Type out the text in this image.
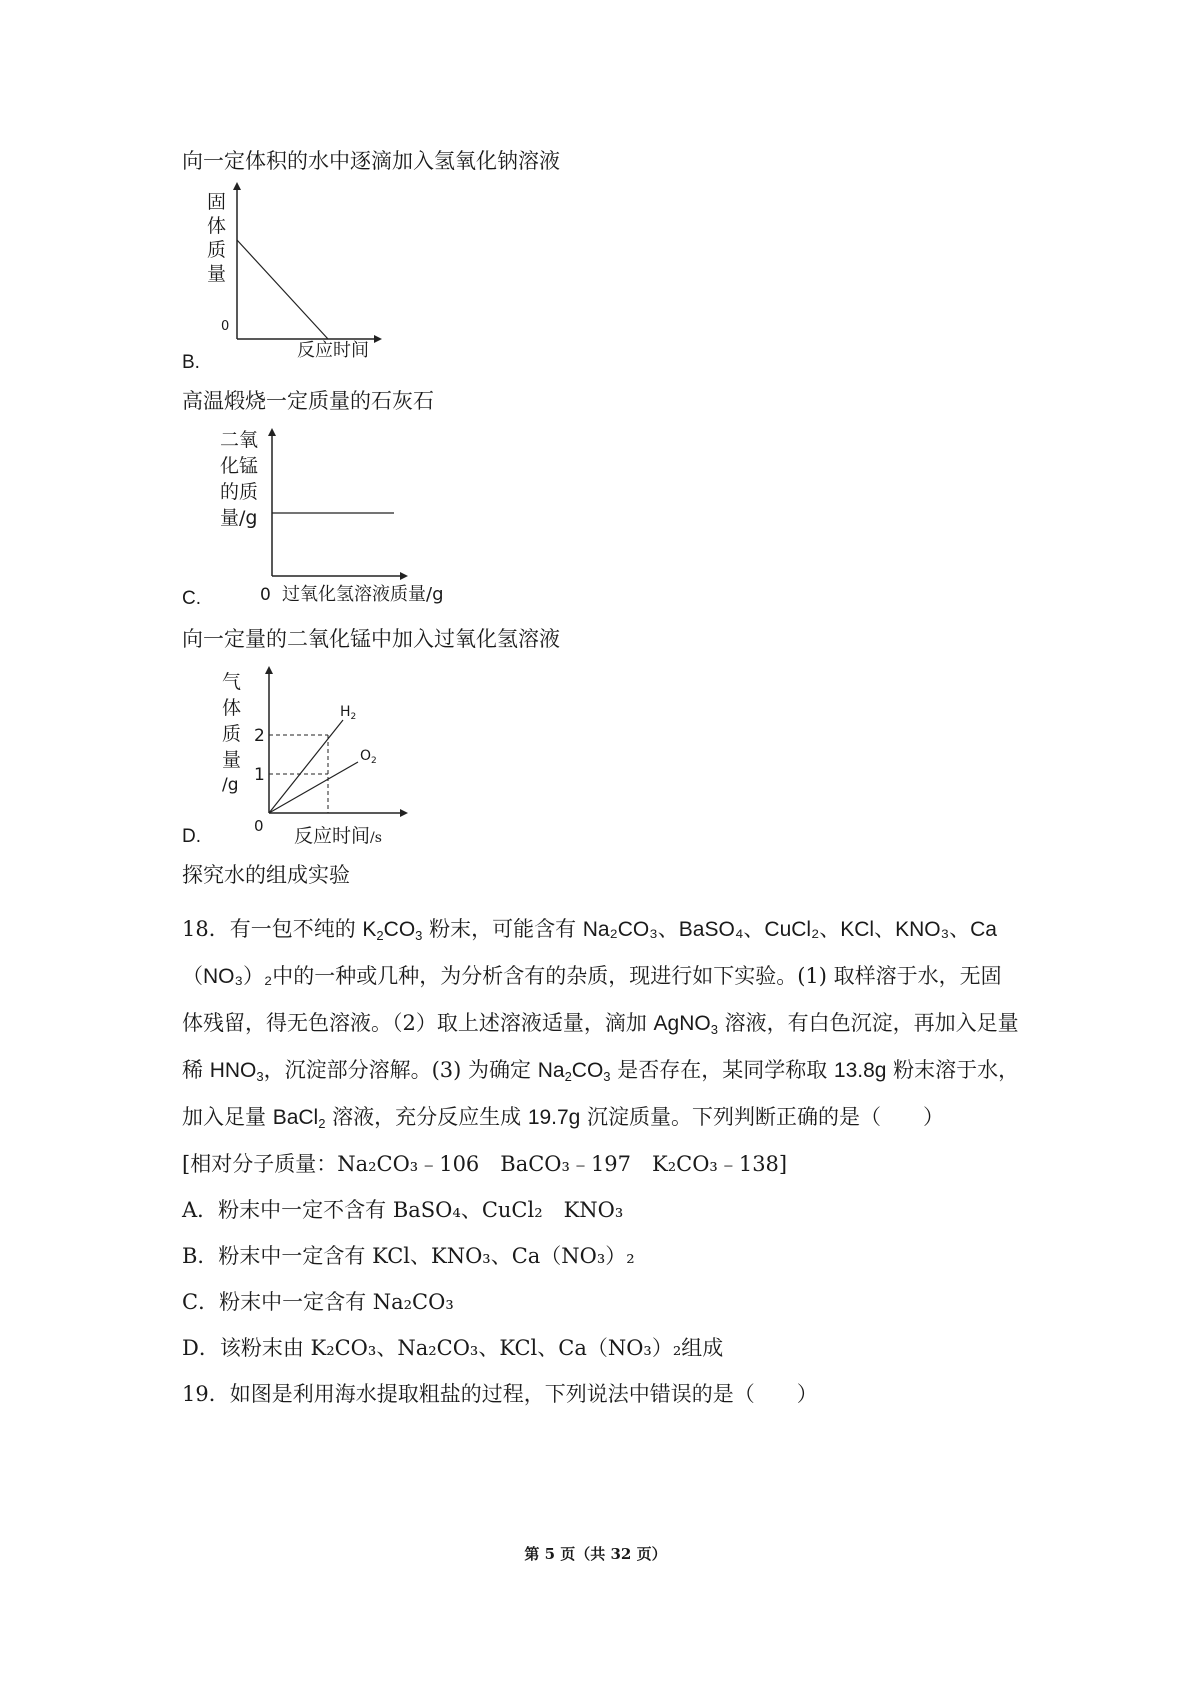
向一定体积的水中逐滴加入氢氧化钠溶液
固
体
质
量
0
反应时间
B.
高温煅烧一定质量的石灰石
二氧
化锰
的质
量/g
0 过氧化氢溶液质量/g
C.
向一定量的二氧化锰中加入过氧化氢溶液
气
体
质
量
/g
2
1
$H_2$
$O_2$
0 反应时间/s
D.
探究水的组成实验

18．有一包不纯的 $K_2CO_3$ 粉末，可能含有 Na₂CO₃、BaSO₄、CuCl₂、KCl、KNO₃、Ca（NO₃）₂中的一种或几种，为分析含有的杂质，现进行如下实验。(1) 取样溶于水，无固体残留，得无色溶液。（2）取上述溶液适量，滴加 AgNO$_3$ 溶液，有白色沉淀，再加入足量稀 $HNO_3$，沉淀部分溶解。(3) 为确定 $Na_2CO_3$ 是否存在，某同学称取 13.8g 粉末溶于水，加入足量 BaCl$_2$ 溶液，充分反应生成 19.7g 沉淀质量。下列判断正确的是（　　）

[相对分子质量：Na₂CO₃﹣106　BaCO₃﹣197　K₂CO₃﹣138]

A．粉末中一定不含有 BaSO₄、CuCl₂　KNO₃

B．粉末中一定含有 KCl、KNO₃、Ca（NO₃）₂

C．粉末中一定含有 Na₂CO₃

D．该粉末由 K₂CO₃、Na₂CO₃、KCl、Ca（NO₃）₂组成

19．如图是利用海水提取粗盐的过程，下列说法中错误的是（　　）

第 5 页（共 32 页）
